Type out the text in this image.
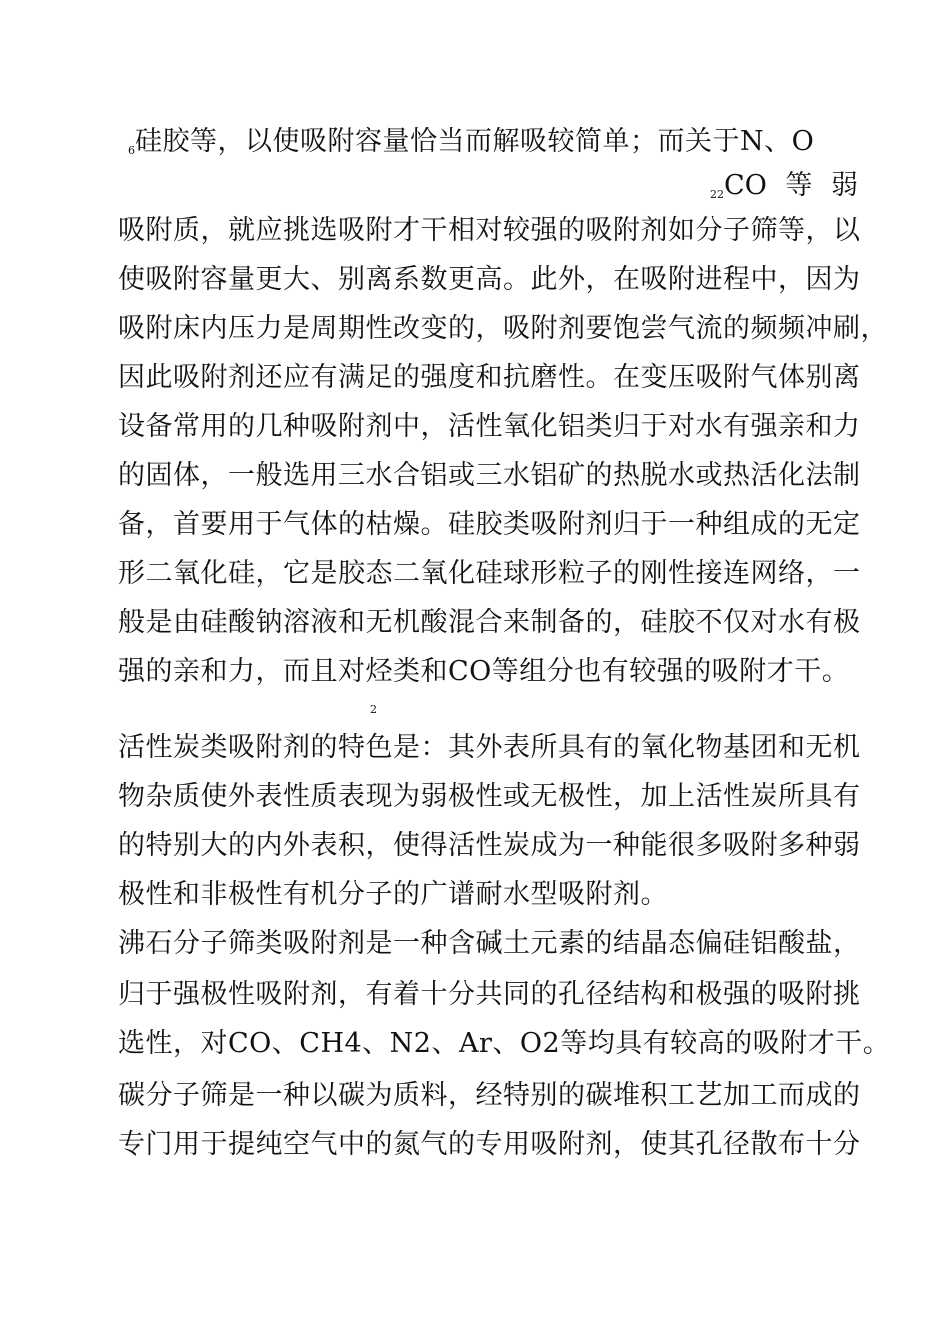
$_6$硅胶等，以使吸附容量恰当而解吸较简单；而关于N、O
$_{22}$CO 等 弱
吸附质，就应挑选吸附才干相对较强的吸附剂如分子筛等，以
使吸附容量更大、别离系数更高。此外，在吸附进程中，因为
吸附床内压力是周期性改变的，吸附剂要饱尝气流的频频冲刷，
因此吸附剂还应有满足的强度和抗磨性。在变压吸附气体别离
设备常用的几种吸附剂中，活性氧化铝类归于对水有强亲和力
的固体，一般选用三水合铝或三水铝矿的热脱水或热活化法制
备，首要用于气体的枯燥。硅胶类吸附剂归于一种组成的无定
形二氧化硅，它是胶态二氧化硅球形粒子的刚性接连网络，一
般是由硅酸钠溶液和无机酸混合来制备的，硅胶不仅对水有极
强的亲和力，而且对烃类和CO等组分也有较强的吸附才干。
2
活性炭类吸附剂的特色是：其外表所具有的氧化物基团和无机
物杂质使外表性质表现为弱极性或无极性，加上活性炭所具有
的特别大的内外表积，使得活性炭成为一种能很多吸附多种弱
极性和非极性有机分子的广谱耐水型吸附剂。
沸石分子筛类吸附剂是一种含碱土元素的结晶态偏硅铝酸盐，
归于强极性吸附剂，有着十分共同的孔径结构和极强的吸附挑
选性，对CO、CH4、N2、Ar、O2等均具有较高的吸附才干。
碳分子筛是一种以碳为质料，经特别的碳堆积工艺加工而成的
专门用于提纯空气中的氮气的专用吸附剂，使其孔径散布十分
